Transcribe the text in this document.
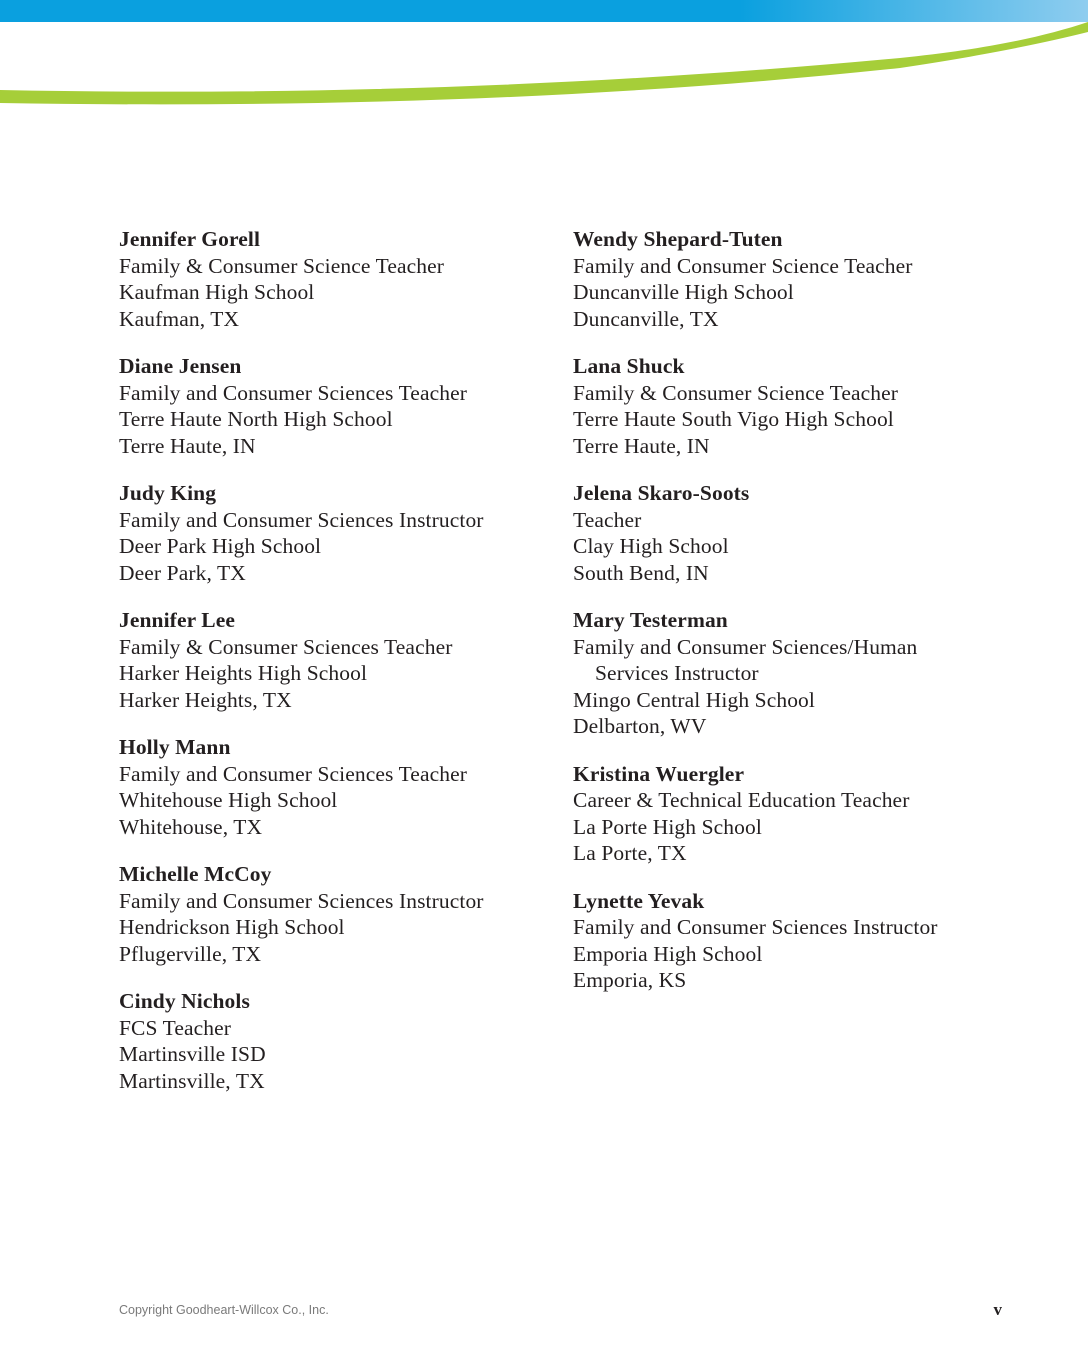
Jennifer Gorell
Family & Consumer Science Teacher
Kaufman High School
Kaufman, TX
Diane Jensen
Family and Consumer Sciences Teacher
Terre Haute North High School
Terre Haute, IN
Judy King
Family and Consumer Sciences Instructor
Deer Park High School
Deer Park, TX
Jennifer Lee
Family & Consumer Sciences Teacher
Harker Heights High School
Harker Heights, TX
Holly Mann
Family and Consumer Sciences Teacher
Whitehouse High School
Whitehouse, TX
Michelle McCoy
Family and Consumer Sciences Instructor
Hendrickson High School
Pflugerville, TX
Cindy Nichols
FCS Teacher
Martinsville ISD
Martinsville, TX
Wendy Shepard-Tuten
Family and Consumer Science Teacher
Duncanville High School
Duncanville, TX
Lana Shuck
Family & Consumer Science Teacher
Terre Haute South Vigo High School
Terre Haute, IN
Jelena Skaro-Soots
Teacher
Clay High School
South Bend, IN
Mary Testerman
Family and Consumer Sciences/Human
Services Instructor
Mingo Central High School
Delbarton, WV
Kristina Wuergler
Career & Technical Education Teacher
La Porte High School
La Porte, TX
Lynette Yevak
Family and Consumer Sciences Instructor
Emporia High School
Emporia, KS
Copyright Goodheart-Willcox Co., Inc.	v
